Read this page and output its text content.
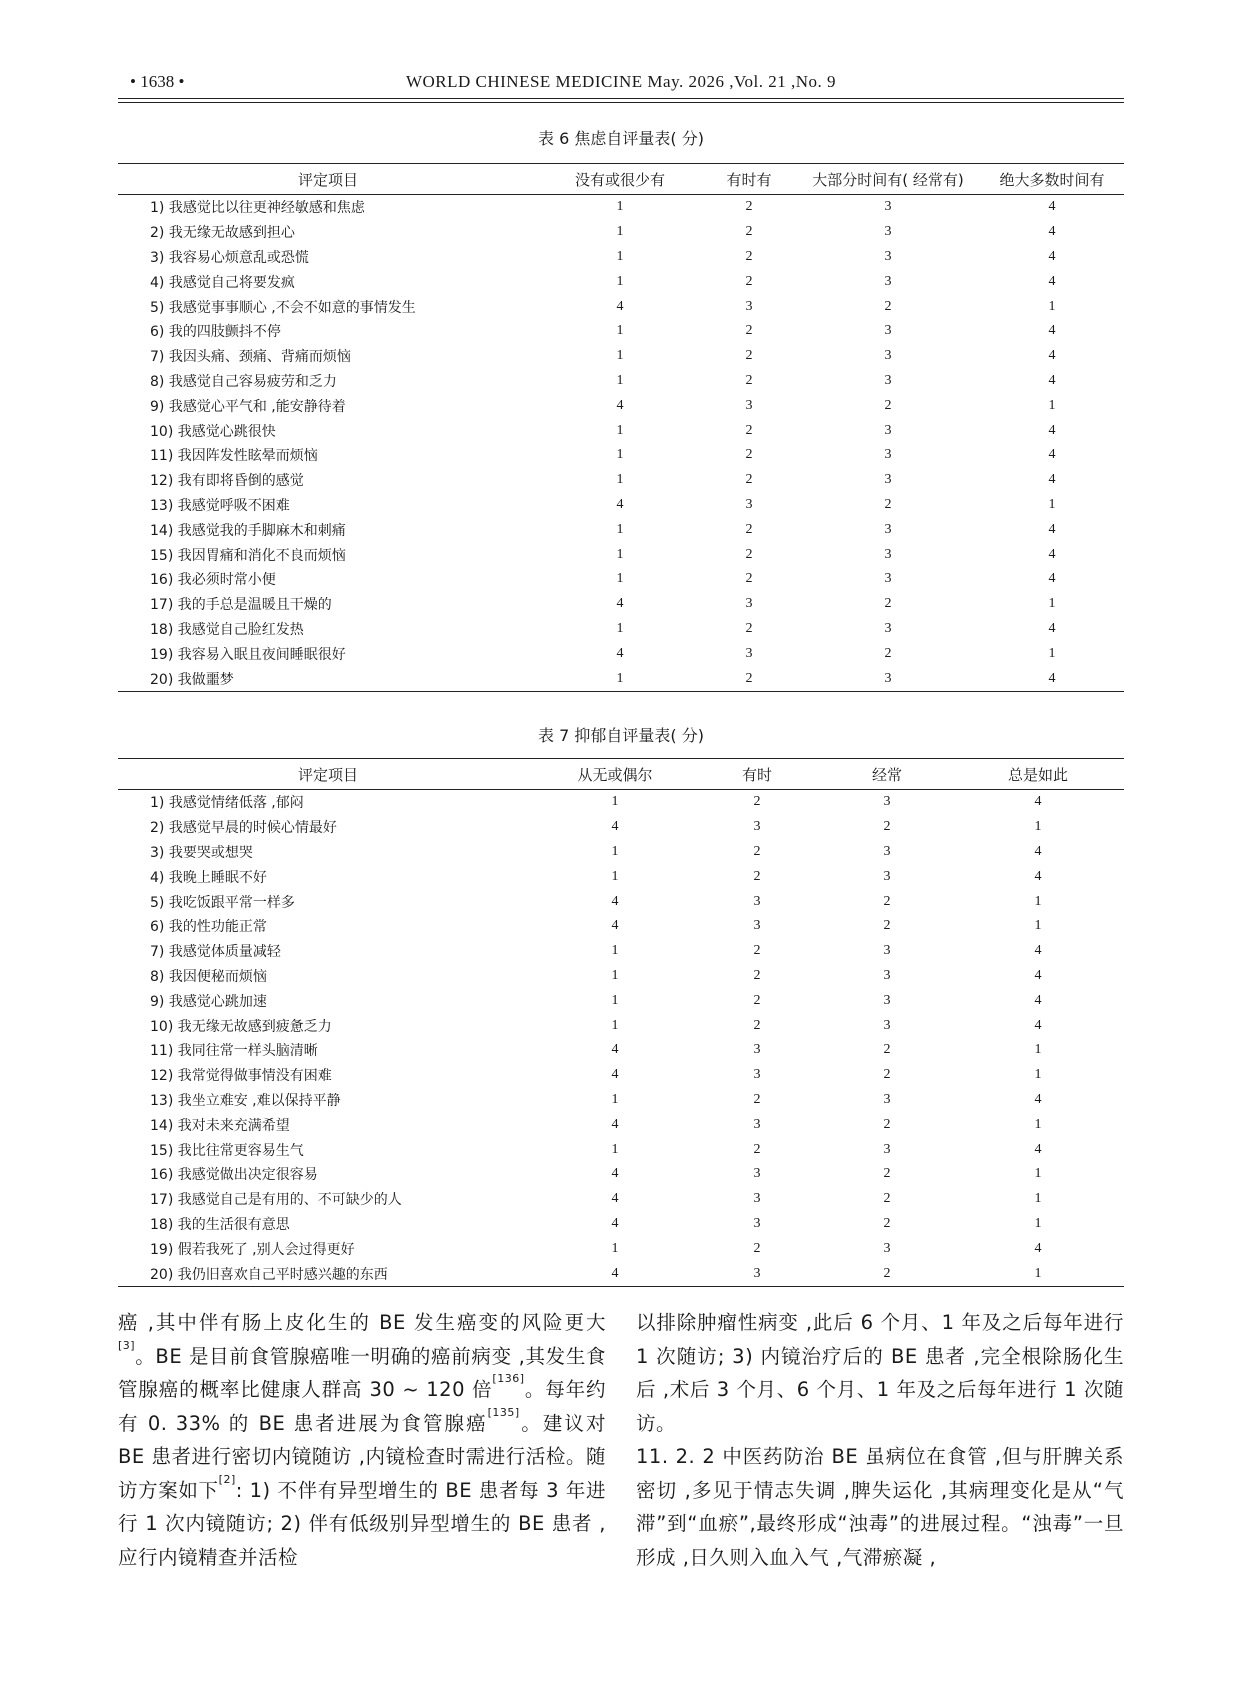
• 1638 •	WORLD CHINESE MEDICINE May. 2026 ,Vol. 21 ,No. 9
表 6 焦虑自评量表( 分)
评定项目	没有或很少有	有时有	大部分时间有( 经常有)	绝大多数时间有
1) 我感觉比以往更神经敏感和焦虑	1	2	3	4
2) 我无缘无故感到担心	1	2	3	4
3) 我容易心烦意乱或恐慌	1	2	3	4
4) 我感觉自己将要发疯	1	2	3	4
5) 我感觉事事顺心 ,不会不如意的事情发生	4	3	2	1
6) 我的四肢颤抖不停	1	2	3	4
7) 我因头痛、颈痛、背痛而烦恼	1	2	3	4
8) 我感觉自己容易疲劳和乏力	1	2	3	4
9) 我感觉心平气和 ,能安静待着	4	3	2	1
10) 我感觉心跳很快	1	2	3	4
11) 我因阵发性眩晕而烦恼	1	2	3	4
12) 我有即将昏倒的感觉	1	2	3	4
13) 我感觉呼吸不困难	4	3	2	1
14) 我感觉我的手脚麻木和刺痛	1	2	3	4
15) 我因胃痛和消化不良而烦恼	1	2	3	4
16) 我必须时常小便	1	2	3	4
17) 我的手总是温暖且干燥的	4	3	2	1
18) 我感觉自己脸红发热	1	2	3	4
19) 我容易入眠且夜间睡眠很好	4	3	2	1
20) 我做噩梦	1	2	3	4
表 7 抑郁自评量表( 分)
评定项目	从无或偶尔	有时	经常	总是如此
1) 我感觉情绪低落 ,郁闷	1	2	3	4
2) 我感觉早晨的时候心情最好	4	3	2	1
3) 我要哭或想哭	1	2	3	4
4) 我晚上睡眠不好	1	2	3	4
5) 我吃饭跟平常一样多	4	3	2	1
6) 我的性功能正常	4	3	2	1
7) 我感觉体质量减轻	1	2	3	4
8) 我因便秘而烦恼	1	2	3	4
9) 我感觉心跳加速	1	2	3	4
10) 我无缘无故感到疲惫乏力	1	2	3	4
11) 我同往常一样头脑清晰	4	3	2	1
12) 我常觉得做事情没有困难	4	3	2	1
13) 我坐立难安 ,难以保持平静	1	2	3	4
14) 我对未来充满希望	4	3	2	1
15) 我比往常更容易生气	1	2	3	4
16) 我感觉做出决定很容易	4	3	2	1
17) 我感觉自己是有用的、不可缺少的人	4	3	2	1
18) 我的生活很有意思	4	3	2	1
19) 假若我死了 ,别人会过得更好	1	2	3	4
20) 我仍旧喜欢自己平时感兴趣的东西	4	3	2	1

癌 ,其中伴有肠上皮化生的 BE 发生癌变的风险更大[3]。BE 是目前食管腺癌唯一明确的癌前病变 ,其发生食管腺癌的概率比健康人群高 30 ~ 120 倍[136]。每年约有 0. 33% 的 BE 患者进展为食管腺癌[135]。建议对 BE 患者进行密切内镜随访 ,内镜检查时需进行活检。随访方案如下[2]: 1) 不伴有异型增生的 BE 患者每 3 年进行 1 次内镜随访; 2) 伴有低级别异型增生的 BE 患者 ,应行内镜精查并活检

以排除肿瘤性病变 ,此后 6 个月、1 年及之后每年进行 1 次随访; 3) 内镜治疗后的 BE 患者 ,完全根除肠化生后 ,术后 3 个月、6 个月、1 年及之后每年进行 1 次随访。

11. 2. 2 中医药防治 BE 虽病位在食管 ,但与肝脾关系密切 ,多见于情志失调 ,脾失运化 ,其病理变化是从“气滞”到“血瘀”,最终形成“浊毒”的进展过程。“浊毒”一旦形成 ,日久则入血入气 ,气滞瘀凝 ,
